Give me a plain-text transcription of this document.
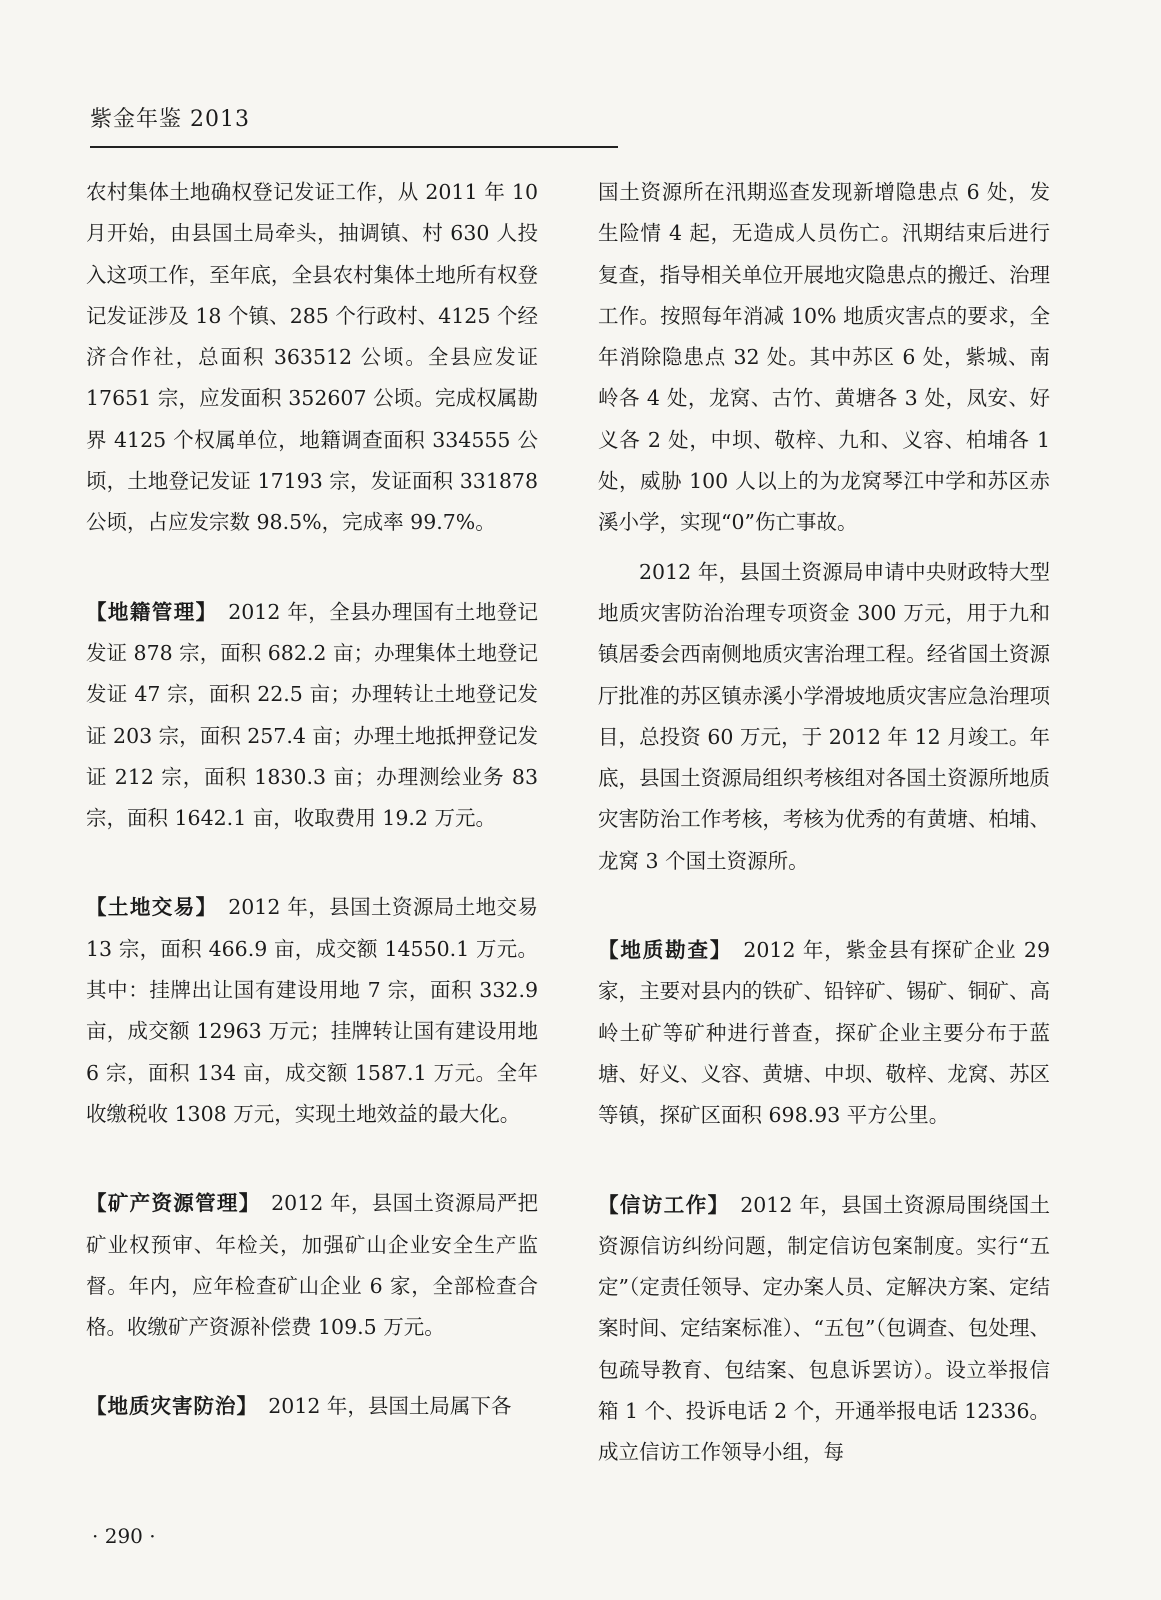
紫金年鉴 2013

农村集体土地确权登记发证工作，从 2011 年 10 月开始，由县国土局牵头，抽调镇、村 630 人投入这项工作，至年底，全县农村集体土地所有权登记发证涉及 18 个镇、285 个行政村、4125 个经济合作社，总面积 363512 公顷。全县应发证 17651 宗，应发面积 352607 公顷。完成权属勘界 4125 个权属单位，地籍调查面积 334555 公顷，土地登记发证 17193 宗，发证面积 331878 公顷，占应发宗数 98.5%，完成率 99.7%。

【地籍管理】　2012 年，全县办理国有土地登记发证 878 宗，面积 682.2 亩；办理集体土地登记发证 47 宗，面积 22.5 亩；办理转让土地登记发证 203 宗，面积 257.4 亩；办理土地抵押登记发证 212 宗，面积 1830.3 亩；办理测绘业务 83 宗，面积 1642.1 亩，收取费用 19.2 万元。

【土地交易】　2012 年，县国土资源局土地交易 13 宗，面积 466.9 亩，成交额 14550.1 万元。其中：挂牌出让国有建设用地 7 宗，面积 332.9 亩，成交额 12963 万元；挂牌转让国有建设用地 6 宗，面积 134 亩，成交额 1587.1 万元。全年收缴税收 1308 万元，实现土地效益的最大化。

【矿产资源管理】　2012 年，县国土资源局严把矿业权预审、年检关，加强矿山企业安全生产监督。年内，应年检查矿山企业 6 家，全部检查合格。收缴矿产资源补偿费 109.5 万元。

【地质灾害防治】　2012 年，县国土局属下各

国土资源所在汛期巡查发现新增隐患点 6 处，发生险情 4 起，无造成人员伤亡。汛期结束后进行复查，指导相关单位开展地灾隐患点的搬迁、治理工作。按照每年消减 10% 地质灾害点的要求，全年消除隐患点 32 处。其中苏区 6 处，紫城、南岭各 4 处，龙窝、古竹、黄塘各 3 处，凤安、好义各 2 处，中坝、敬梓、九和、义容、柏埔各 1 处，威胁 100 人以上的为龙窝琴江中学和苏区赤溪小学，实现“0”伤亡事故。

2012 年，县国土资源局申请中央财政特大型地质灾害防治治理专项资金 300 万元，用于九和镇居委会西南侧地质灾害治理工程。经省国土资源厅批准的苏区镇赤溪小学滑坡地质灾害应急治理项目，总投资 60 万元，于 2012 年 12 月竣工。年底，县国土资源局组织考核组对各国土资源所地质灾害防治工作考核，考核为优秀的有黄塘、柏埔、龙窝 3 个国土资源所。

【地质勘查】　2012 年，紫金县有探矿企业 29 家，主要对县内的铁矿、铅锌矿、锡矿、铜矿、高岭土矿等矿种进行普查，探矿企业主要分布于蓝塘、好义、义容、黄塘、中坝、敬梓、龙窝、苏区等镇，探矿区面积 698.93 平方公里。

【信访工作】　2012 年，县国土资源局围绕国土资源信访纠纷问题，制定信访包案制度。实行“五定”（定责任领导、定办案人员、定解决方案、定结案时间、定结案标准）、“五包”（包调查、包处理、包疏导教育、包结案、包息诉罢访）。设立举报信箱 1 个、投诉电话 2 个，开通举报电话 12336。成立信访工作领导小组，每

· 290 ·
